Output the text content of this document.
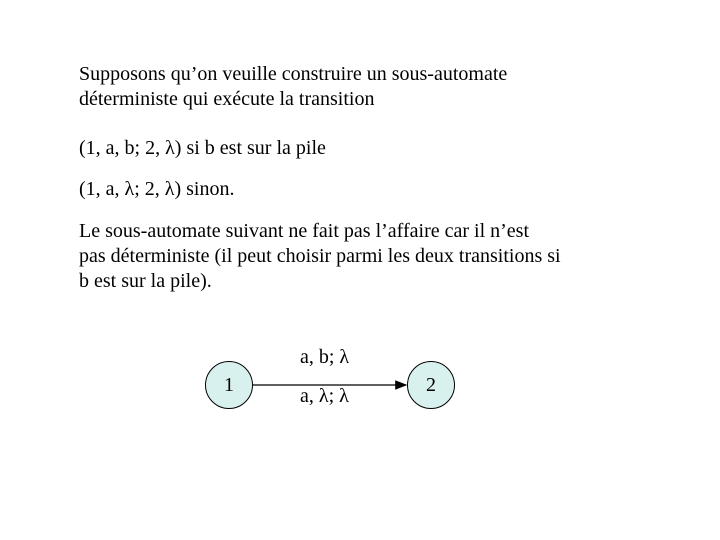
Supposons qu’on veuille construire un sous-automate
déterministe qui exécute la transition

(1, a, b; 2, λ) si b est sur la pile

(1, a, λ; 2, λ) sinon.

Le sous-automate suivant ne fait pas l’affaire car il n’est
pas déterministe (il peut choisir parmi les deux transitions si
b est sur la pile).
1	2
a, b; λ
a, λ; λ
